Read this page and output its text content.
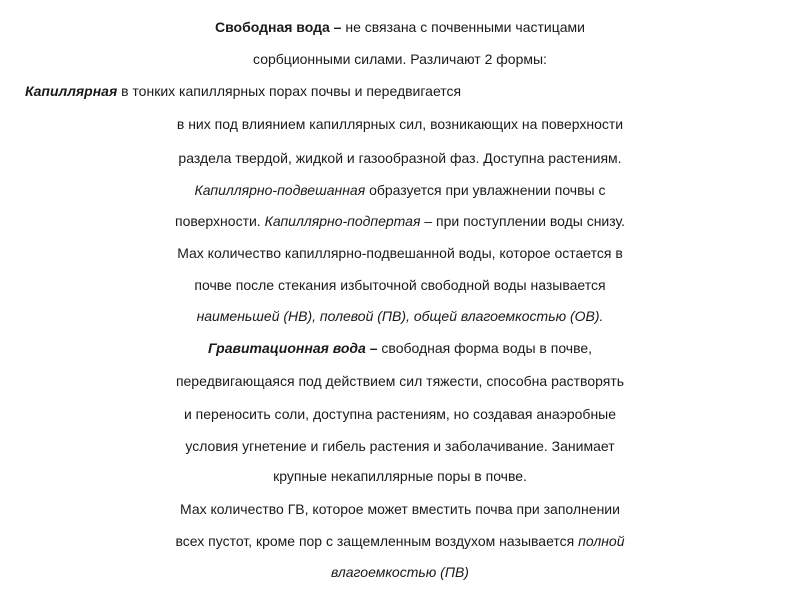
Свободная вода – не связана с почвенными частицами
сорбционными силами. Различают 2 формы:
Капиллярная в тонких капиллярных порах почвы и передвигается
в них под влиянием капиллярных сил, возникающих на поверхности
раздела твердой, жидкой и газообразной фаз. Доступна растениям.
Капиллярно-подвешанная образуется при увлажнении почвы с
поверхности. Капиллярно-подпертая – при поступлении воды снизу.
Мах количество капиллярно-подвешанной воды, которое остается в
почве после стекания избыточной свободной воды называется
наименьшей (НВ), полевой (ПВ), общей влагоемкостью (ОВ).
Гравитационная вода – свободная форма воды в почве,
передвигающаяся под действием сил тяжести, способна растворять
и переносить соли, доступна растениям, но создавая анаэробные
условия угнетение и гибель растения и заболачивание. Занимает
крупные некапиллярные поры в почве.
Мах количество ГВ, которое может вместить почва при заполнении
всех пустот, кроме пор с защемленным воздухом называется полной
влагоемкостью (ПВ)
